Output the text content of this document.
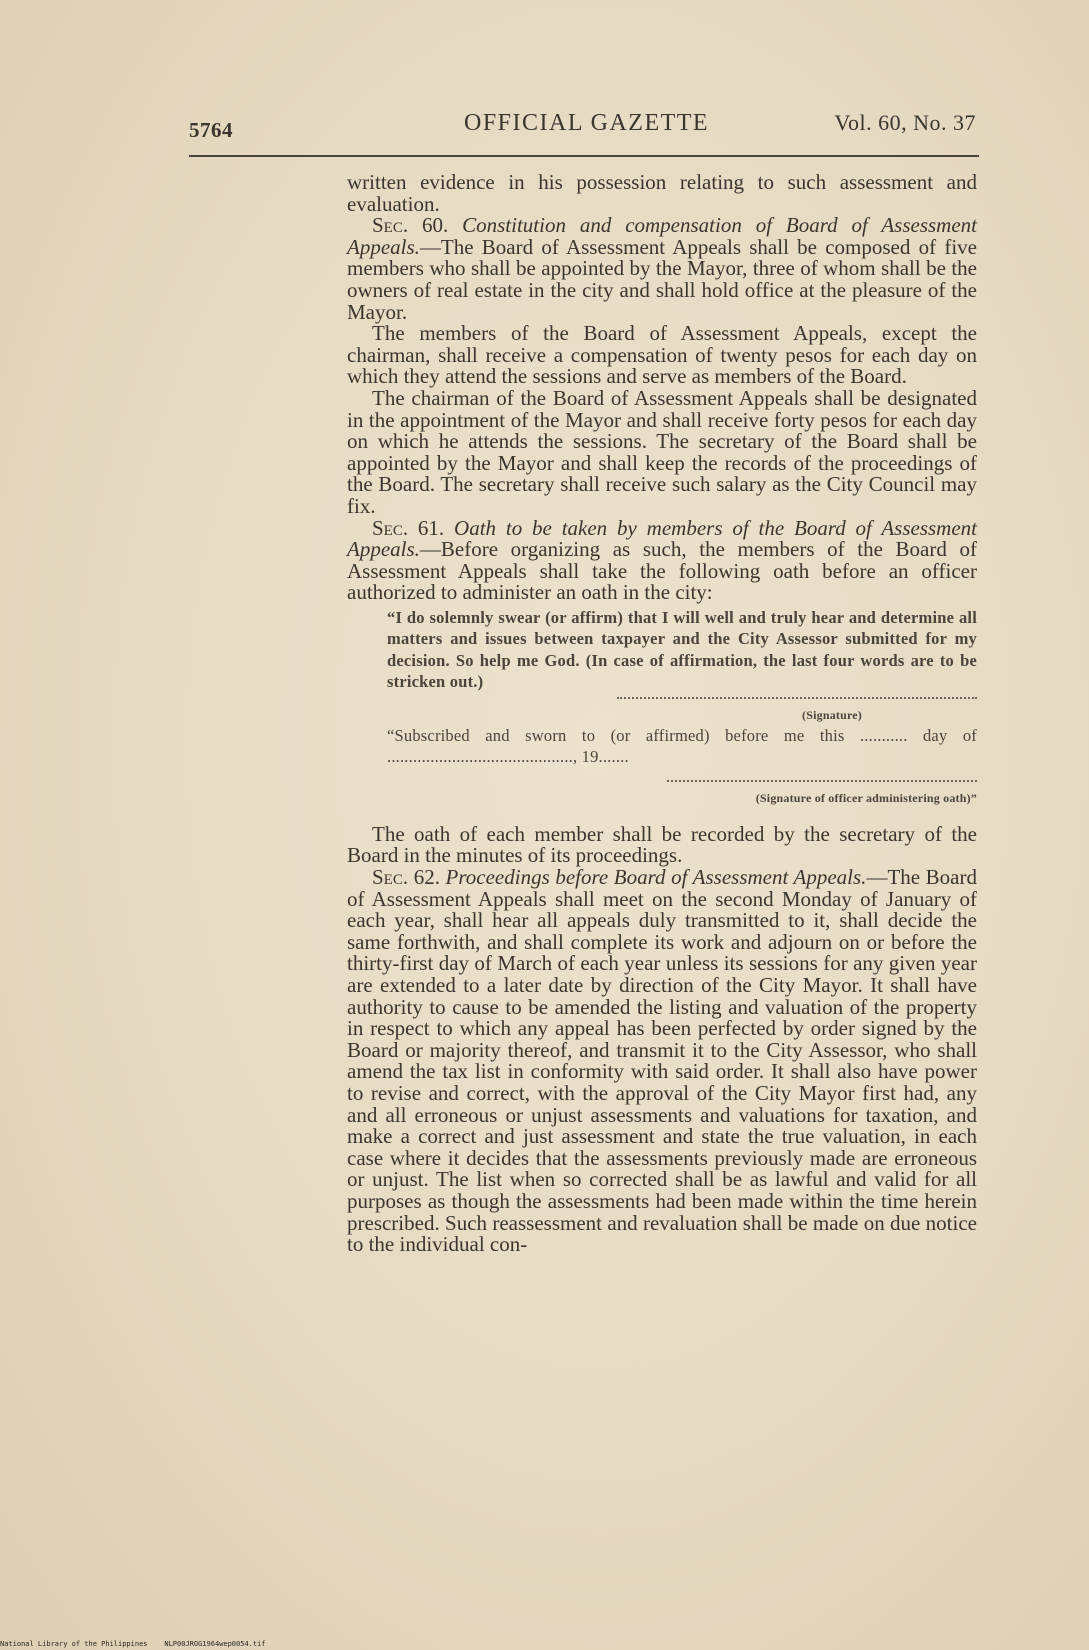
5764	OFFICIAL GAZETTE	Vol. 60, No. 37

written evidence in his possession relating to such assessment and evaluation.

Sec. 60. Constitution and compensation of Board of Assessment Appeals.—The Board of Assessment Appeals shall be composed of five members who shall be appointed by the Mayor, three of whom shall be the owners of real estate in the city and shall hold office at the pleasure of the Mayor.

The members of the Board of Assessment Appeals, except the chairman, shall receive a compensation of twenty pesos for each day on which they attend the sessions and serve as members of the Board.

The chairman of the Board of Assessment Appeals shall be designated in the appointment of the Mayor and shall receive forty pesos for each day on which he attends the sessions. The secretary of the Board shall be appointed by the Mayor and shall keep the records of the proceedings of the Board. The secretary shall receive such salary as the City Council may fix.

Sec. 61. Oath to be taken by members of the Board of Assessment Appeals.—Before organizing as such, the members of the Board of Assessment Appeals shall take the following oath before an officer authorized to administer an oath in the city:

“I do solemnly swear (or affirm) that I will well and truly hear and determine all matters and issues between taxpayer and the City Assessor submitted for my decision. So help me God. (In case of affirmation, the last four words are to be stricken out.)

(Signature)

“Subscribed and sworn to (or affirmed) before me this ........... day of ..........................................., 19.......

(Signature of officer administering oath)”

The oath of each member shall be recorded by the secretary of the Board in the minutes of its proceedings.

Sec. 62. Proceedings before Board of Assessment Appeals.—The Board of Assessment Appeals shall meet on the second Monday of January of each year, shall hear all appeals duly transmitted to it, shall decide the same forthwith, and shall complete its work and adjourn on or before the thirty-first day of March of each year unless its sessions for any given year are extended to a later date by direction of the City Mayor. It shall have authority to cause to be amended the listing and valuation of the property in respect to which any appeal has been perfected by order signed by the Board or majority thereof, and transmit it to the City Assessor, who shall amend the tax list in conformity with said order. It shall also have power to revise and correct, with the approval of the City Mayor first had, any and all erroneous or unjust assessments and valuations for taxation, and make a correct and just assessment and state the true valuation, in each case where it decides that the assessments previously made are erroneous or unjust. The list when so corrected shall be as lawful and valid for all purposes as though the assessments had been made within the time herein prescribed. Such reassessment and revaluation shall be made on due notice to the individual con-

National Library of the Philippines NLP00JROG1964wep0054.tif
